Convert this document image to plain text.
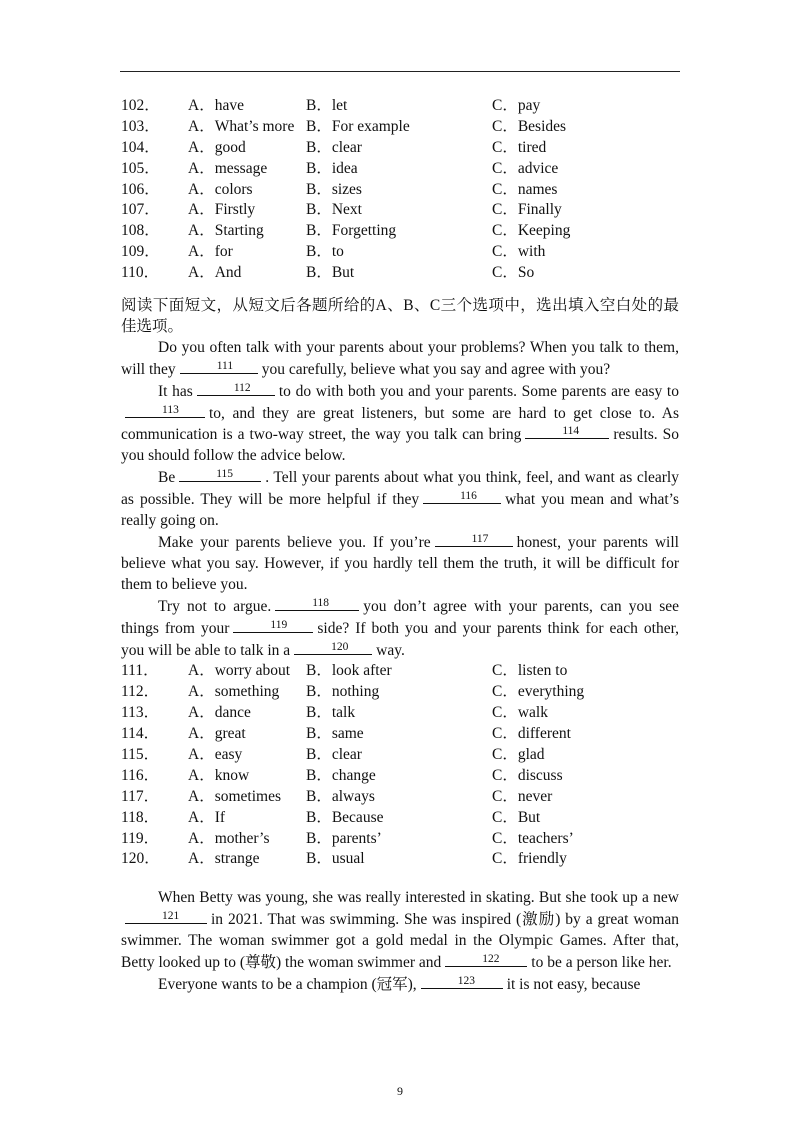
102． A．have	B．let	C．pay
103． A．What’s more B．For example	C．Besides
104． A．good	B．clear	C．tired
105． A．message	B．idea	C．advice
106． A．colors	B．sizes	C．names
107． A．Firstly	B．Next	C．Finally
108． A．Starting	B．Forgetting	C．Keeping
109． A．for	B．to	C．with
110． A．And	B．But	C．So

阅读下面短文，从短文后各题所给的A、B、C三个选项中，选出填入空白处的最佳选项。

Do you often talk with your parents about your problems? When you talk to them, will they	111	you carefully, believe what you say and agree with you?

It has	112	to do with both you and your parents. Some parents are easy to
113	to, and they are great listeners, but some are hard to get close to. As communication is a two-way street, the way you talk can bring	114	results. So you should follow the advice below.

Be	115	. Tell your parents about what you think, feel, and want as clearly as possible. They will be more helpful if they	116	what you mean and what’s really going on.

Make your parents believe you. If you’re	117	honest, your parents will believe what you say. However, if you hardly tell them the truth, it will be difficult for them to believe you.

Try not to argue.	118	you don’t agree with your parents, can you see things from your	119	side? If both you and your parents think for each other, you will be able to talk in a	120	way.

111． A．worry about B．look after	C．listen to
112． A．something B．nothing	C．everything
113． A．dance	B．talk	C．walk
114． A．great	B．same	C．different
115． A．easy	B．clear	C．glad
116． A．know	B．change	C．discuss
117． A．sometimes B．always	C．never
118． A．If	B．Because	C．But
119． A．mother’s B．parents’	C．teachers’
120． A．strange	B．usual	C．friendly

When Betty was young, she was really interested in skating. But she took up a new
121	in 2021. That was swimming. She was inspired (激励) by a great woman swimmer. The woman swimmer got a gold medal in the Olympic Games. After that, Betty looked up to (尊敬) the woman swimmer and	122	to be a person like her.

Everyone wants to be a champion (冠军),	123	it is not easy, because

9
